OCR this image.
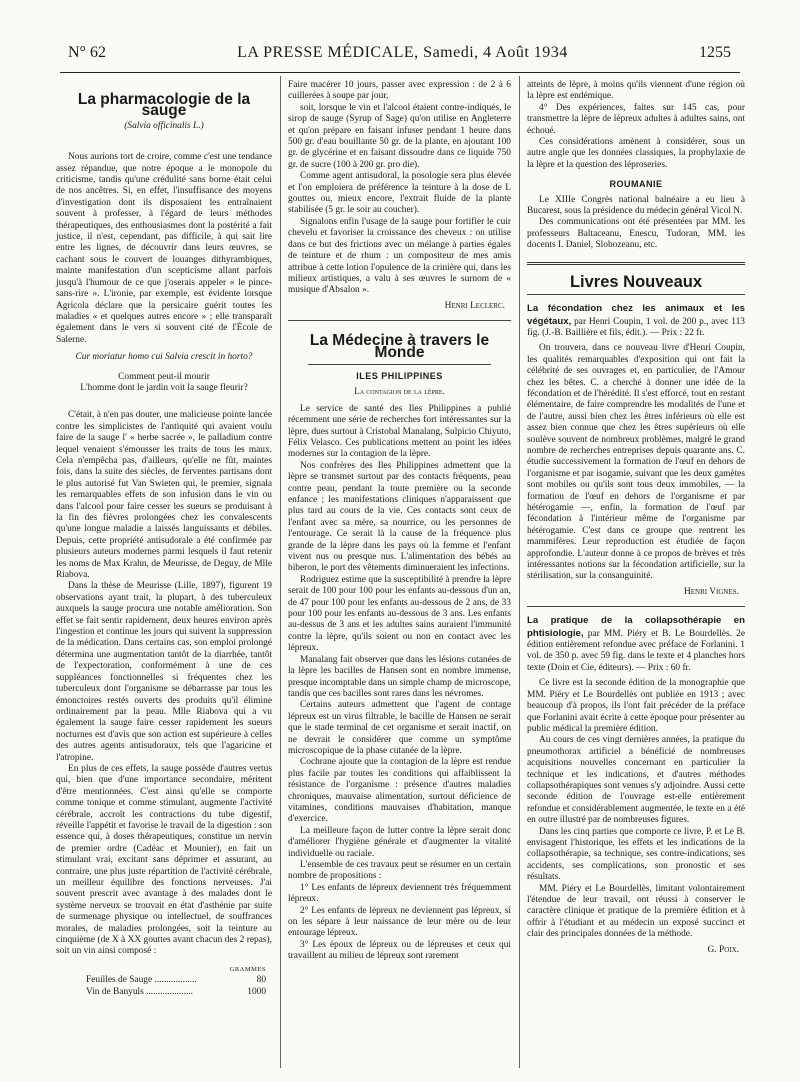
N° 62	LA PRESSE MÉDICALE, Samedi, 4 Août 1934	1255
La pharmacologie de la sauge
(Salvia officinalis L.)

Nous aurions tort de croire, comme c'est une tendance assez répandue, que notre époque a le monopole du criticisme, tandis qu'une crédulité sans borne était celui de nos ancêtres. Si, en effet, l'insuffisance des moyens d'investigation dont ils disposaient les entraînaient souvent à professer, à l'égard de leurs méthodes thérapeutiques, des enthousiasmes dont la postérité a fait justice, il n'est, cependant, pas difficile, à qui sait lire entre les lignes, de découvrir dans leurs œuvres, se cachant sous le couvert de louanges dithyrambiques, mainte manifestation d'un scepticisme allant parfois jusqu'à l'humour de ce que j'oserais appeler « le pince-sans-rire ». L'ironie, par exemple, est évidente lorsque Agricola déclare que la persicaire guérit toutes les maladies « et quelques autres encore » ; elle transparaît également dans le vers si souvent cité de l'École de Salerne.

Cur moriatur homo cui Salvia crescit in horto?
Comment peut-il mourir
L'homme dont le jardin voit la sauge fleurir?

C'était, à n'en pas douter, une malicieuse pointe lancée contre les simplicistes de l'antiquité qui avaient voulu faire de la sauge l' « herbe sacrée », le palladium contre lequel venaient s'émousser les traits de tous les maux. Cela n'empêcha pas, d'ailleurs, qu'elle ne fût, maintes fois, dans la suite des siècles, de ferventes partisans dont le plus autorisé fut Van Swieten qui, le premier, signala les remarquables effets de son infusion dans le vin ou dans l'alcool pour faire cesser les sueurs se produisant à la fin des fièvres prolongées chez les convalescents qu'une longue maladie a laissés languissants et débiles. Depuis, cette propriété antisudorale a été confirmée par plusieurs auteurs modernes parmi lesquels il faut retenir les noms de Max Krahn, de Meurisse, de Deguy, de Mlle Riabova.

Dans la thèse de Meurisse (Lille, 1897), figurent 19 observations ayant trait, la plupart, à des tuberculeux auxquels la sauge procura une notable amélioration. Son effet se fait sentir rapidement, deux heures environ après l'ingestion et continue les jours qui suivent la suppression de la médication. Dans certains cas, son emploi prolongé détermina une augmentation tantôt de la diarrhée, tantôt de l'expectoration, conformément à une de ces suppléances fonctionnelles si fréquentes chez les tuberculeux dont l'organisme se débarrasse par tous les émonctoires restés ouverts des produits qu'il élimine ordinairement par la peau. Mlle Riabova qui a vu également la sauge faire cesser rapidement les sueurs nocturnes est d'avis que son action est supérieure à celles des autres agents antisudoraux, tels que l'agaricine et l'atropine.

En plus de ces effets, la sauge possède d'autres vertus qui, bien que d'une importance secondaire, méritent d'être mentionnées. C'est ainsi qu'elle se comporte comme tonique et comme stimulant, augmente l'activité cérébrale, accroît les contractions du tube digestif, réveille l'appétit et favorise le travail de la digestion : son essence qui, à doses thérapeutiques, constitue un nervin de premier ordre (Cadéac et Mounier), en fait un stimulant vrai, excitant sans déprimer et assurant, au contraire, une plus juste répartition de l'activité cérébrale, un meilleur équilibre des fonctions nerveuses. J'ai souvent prescrit avec avantage à des malades dont le système nerveux se trouvait en état d'asthénie par suite de surmenage physique ou intellectuel, de souffrances morales, de maladies prolongées, soit la teinture au cinquième (de X à XX gouttes avant chacun des 2 repas), soit un vin ainsi composé :

GRAMMES
Feuilles de Sauge ..................	80
Vin de Banyuls ....................	1000

Faire macérer 10 jours, passer avec expression : de 2 à 6 cuillerées à soupe par jour,

soit, lorsque le vin et l'alcool étaient contre-indiqués, le sirop de sauge (Syrup of Sage) qu'on utilise en Angleterre et qu'on prépare en faisant infuser pendant 1 heure dans 500 gr. d'eau bouillante 50 gr. de la plante, en ajoutant 100 gr. de glycérine et en faisant dissoudre dans ce liquide 750 gr. de sucre (100 à 200 gr. pro die).

Comme agent antisudoral, la posologie sera plus élevée et l'on emploiera de préférence la teinture à la dose de L gouttes ou, mieux encore, l'extrait fluide de la plante stabilisée (5 gr. le soir au coucher).

Signalons enfin l'usage de la sauge pour fortifier le cuir chevelu et favoriser la croissance des cheveux : on utilise dans ce but des frictions avec un mélange à parties égales de teinture et de rhum : un compositeur de mes amis attribue à cette lotion l'opulence de la crinière qui, dans les milieux artistiques, a valu à ses œuvres le surnom de « musique d'Absalon ».

Henri Leclerc.
La Médecine à travers le Monde
ILES PHILIPPINES
La contagion de la lèpre.

Le service de santé des Iles Philippines a publié récemment une série de recherches fort intéressantes sur la lèpre, dues surtout à Cristobal Manalang, Sulpicio Chiyuto, Félix Velasco. Ces publications mettent au point les idées modernes sur la contagion de la lèpre.

Nos confrères des Iles Philippines admettent que la lèpre se transmet surtout par des contacts fréquents, peau contre peau, pendant la toute première ou la seconde enfance ; les manifestations cliniques n'apparaissent que plus tard au cours de la vie. Ces contacts sont ceux de l'enfant avec sa mère, sa nourrice, ou les personnes de l'entourage. Ce serait là la cause de la fréquence plus grande de la lèpre dans les pays où la femme et l'enfant vivent nus ou presque nus. L'alimentation des bébés au biberon, le port des vêtements diminueraient les infections.

Rodriguez estime que la susceptibilité à prendre la lèpre serait de 100 pour 100 pour les enfants au-dessous d'un an, de 47 pour 100 pour les enfants au-dessous de 2 ans, de 33 pour 100 pour les enfants au-dessous de 3 ans. Les enfants au-dessus de 3 ans et les adultes sains auraient l'immunité contre la lèpre, qu'ils soient ou non en contact avec les lépreux.

Manalang fait observer que dans les lésions cutanées de la lèpre les bacilles de Hansen sont en nombre immense, presque incomptable dans un simple champ de microscope, tandis que ces bacilles sont rares dans les névromes.

Certains auteurs admettent que l'agent de contage lépreux est un virus filtrable, le bacille de Hansen ne serait que le stade terminal de cet organisme et serait inactif, on ne devrait le considérer que comme un symptôme microscopique de la phase cutanée de la lèpre.

Cochrane ajoute que la contagion de la lèpre est rendue plus facile par toutes les conditions qui affaiblissent la résistance de l'organisme : présence d'autres maladies chroniques, mauvaise alimentation, surtout déficience de vitamines, conditions mauvaises d'habitation, manque d'exercice.

La meilleure façon de lutter contre la lèpre serait donc d'améliorer l'hygiène générale et d'augmenter la vitalité individuelle ou raciale.

L'ensemble de ces travaux peut se résumer en un certain nombre de propositions :

1° Les enfants de lépreux deviennent très fréquemment lépreux.

2° Les enfants de lépreux ne deviennent pas lépreux, si on les sépare à leur naissance de leur mère ou de leur entourage lépreux.

3° Les époux de lépreux ou de lépreuses et ceux qui travaillent au milieu de lépreux sont rarement

atteints de lèpre, à moins qu'ils viennent d'une région où la lèpre est endémique.

4° Des expériences, faites sur 145 cas, pour transmettre la lèpre de lépreux adultes à adultes sains, ont échoué.

Ces considérations amènent à considérer, sous un autre angle que les données classiques, la prophylaxie de la lèpre et la question des léproseries.

ROUMANIE

Le XIIIe Congrès national balnéaire a eu lieu à Bucarest, sous la présidence du médecin général Vicol N.

Des communications ont été présentées par MM. les professeurs Baltaceanu, Enescu, Tudoran, MM. les docents I. Daniel, Slobozeanu, etc.

Livres Nouveaux

La fécondation chez les animaux et les végétaux, par Henri Coupin, 1 vol. de 200 p., avec 113 fig. (J.-B. Baillière et fils, édit.). — Prix : 22 fr.

On trouvera, dans ce nouveau livre d'Henri Coupin, les qualités remarquables d'exposition qui ont fait la célébrité de ses ouvrages et, en particulier, de l'Amour chez les bêtes. C. a cherché à donner une idée de la fécondation et de l'hérédité. Il s'est efforcé, tout en restant élémentaire, de faire comprendre les modalités de l'une et de l'autre, aussi bien chez les êtres inférieurs où elle est assez bien connue que chez les êtres supérieurs où elle soulève souvent de nombreux problèmes, malgré le grand nombre de recherches entreprises depuis quarante ans. C. étudie successivement la formation de l'œuf en dehors de l'organisme et par isogamie, suivant que les deux gamètes sont mobiles ou qu'ils sont tous deux immobiles, — la formation de l'œuf en dehors de l'organisme et par hétérogamie —, enfin, la formation de l'œuf par fécondation à l'intérieur même de l'organisme par hétérogamie. C'est dans ce groupe que rentrent les mammifères. Leur reproduction est étudiée de façon approfondie. L'auteur donne à ce propos de brèves et très intéressantes notions sur la fécondation artificielle, sur la stérilisation, sur la consanguinité.

Henri Vignes.

La pratique de la collapsothérapie en phtisiologie, par MM. Piéry et B. Le Bourdellès. 2e édition entièrement refondue avec préface de Forlanini. 1 vol. de 350 p. avec 59 fig. dans le texte et 4 planches hors texte (Doin et Cie, éditeurs). — Prix : 60 fr.

Ce livre est la seconde édition de la monographie que MM. Piéry et Le Bourdellès ont publiée en 1913 ; avec beaucoup d'à propos, ils l'ont fait précéder de la préface que Forlanini avait écrite à cette époque pour présenter au public médical la première édition.

Au cours de ces vingt dernières années, la pratique du pneumothorax artificiel a bénéficié de nombreuses acquisitions nouvelles concernant en particulier la technique et les indications, et d'autres méthodes collapsothérapiques sont venues s'y adjoindre. Aussi cette seconde édition de l'ouvrage est-elle entièrement refondue et considérablement augmentée, le texte en a été en outre illustré par de nombreuses figures.

Dans les cinq parties que comporte ce livre, P. et Le B. envisagent l'historique, les effets et les indications de la collapsothérapie, sa technique, ses contre-indications, ses accidents, ses complications, son pronostic et ses résultats.

MM. Piéry et Le Bourdellès, limitant volontairement l'étendue de leur travail, ont réussi à conserver le caractère clinique et pratique de la première édition et à offrir à l'étudiant et au médecin un exposé succinct et clair des principales données de la méthode.

G. Poix.
